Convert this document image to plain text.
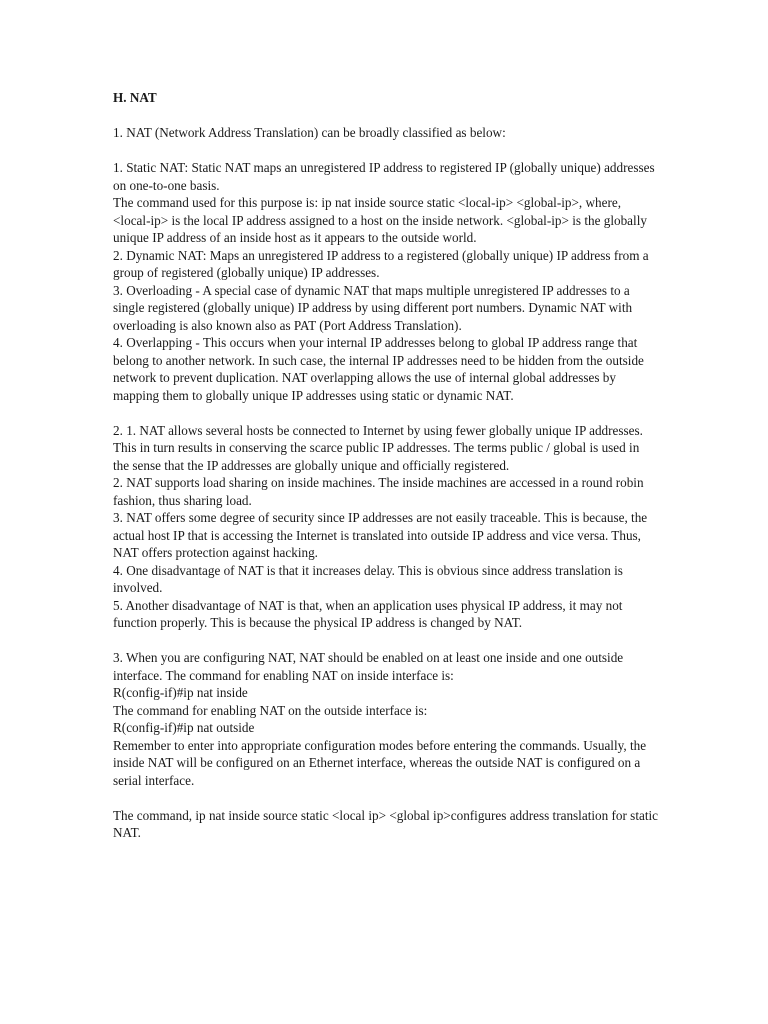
H. NAT

1. NAT (Network Address Translation) can be broadly classified as below:

1. Static NAT: Static NAT maps an unregistered IP address to registered IP (globally unique) addresses on one-to-one basis.

The command used for this purpose is: ip nat inside source static <local-ip> <global-ip>, where, <local-ip> is the local IP address assigned to a host on the inside network. <global-ip> is the globally unique IP address of an inside host as it appears to the outside world.

2. Dynamic NAT: Maps an unregistered IP address to a registered (globally unique) IP address from a group of registered (globally unique) IP addresses.

3. Overloading - A special case of dynamic NAT that maps multiple unregistered IP addresses to a single registered (globally unique) IP address by using different port numbers. Dynamic NAT with overloading is also known also as PAT (Port Address Translation).

4. Overlapping - This occurs when your internal IP addresses belong to global IP address range that belong to another network. In such case, the internal IP addresses need to be hidden from the outside network to prevent duplication. NAT overlapping allows the use of internal global addresses by mapping them to globally unique IP addresses using static or dynamic NAT.

2. 1. NAT allows several hosts be connected to Internet by using fewer globally unique IP addresses. This in turn results in conserving the scarce public IP addresses. The terms public / global is used in the sense that the IP addresses are globally unique and officially registered.

2. NAT supports load sharing on inside machines. The inside machines are accessed in a round robin fashion, thus sharing load.

3. NAT offers some degree of security since IP addresses are not easily traceable. This is because, the actual host IP that is accessing the Internet is translated into outside IP address and vice versa. Thus, NAT offers protection against hacking.

4. One disadvantage of NAT is that it increases delay. This is obvious since address translation is involved.

5. Another disadvantage of NAT is that, when an application uses physical IP address, it may not function properly. This is because the physical IP address is changed by NAT.

3. When you are configuring NAT, NAT should be enabled on at least one inside and one outside interface. The command for enabling NAT on inside interface is:

R(config-if)#ip nat inside

The command for enabling NAT on the outside interface is:

R(config-if)#ip nat outside

Remember to enter into appropriate configuration modes before entering the commands. Usually, the inside NAT will be configured on an Ethernet interface, whereas the outside NAT is configured on a serial interface.

The command, ip nat inside source static <local ip> <global ip>configures address translation for static NAT.
